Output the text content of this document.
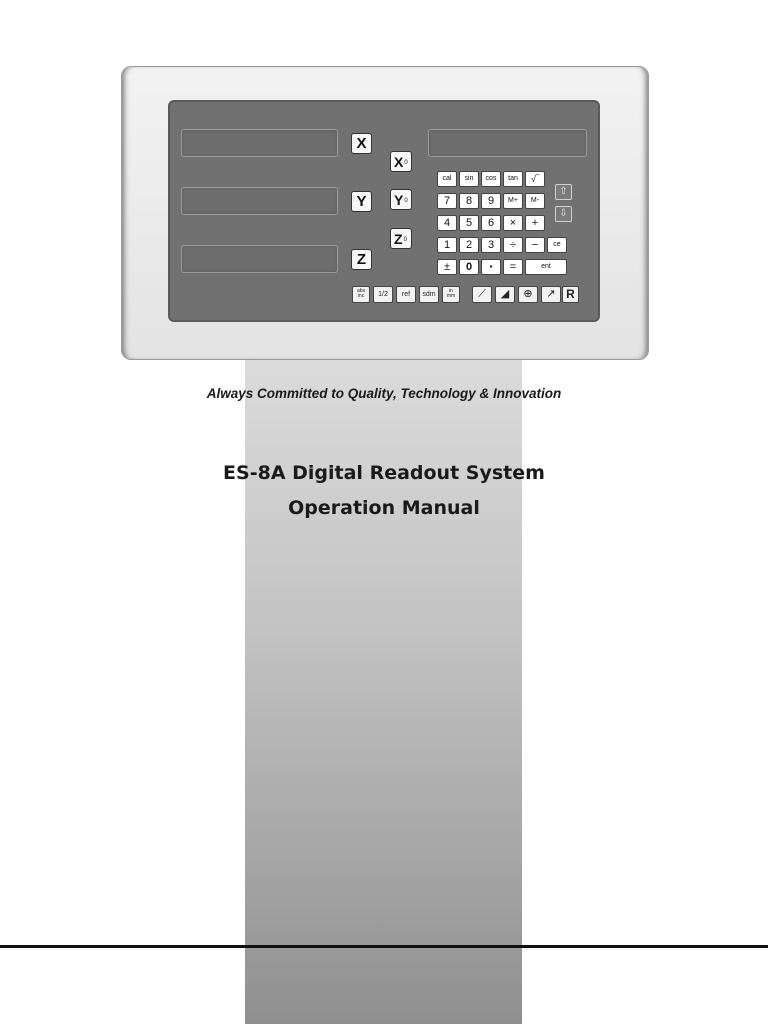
X
Y
Z
X0
Y0
Z0
cal	sin	cos	tan	√‾
7	8	9	M+	M-
4	5	6	×	+
1	2	3	÷	−	ce
±	0	▪	=	ent
⇧
⇩
abs
inc	1/2	ref	sdm	in
mm	⟋	◢	⊕	↗ R
Always Committed to Quality, Technology & Innovation
ES-8A Digital Readout System
Operation Manual
